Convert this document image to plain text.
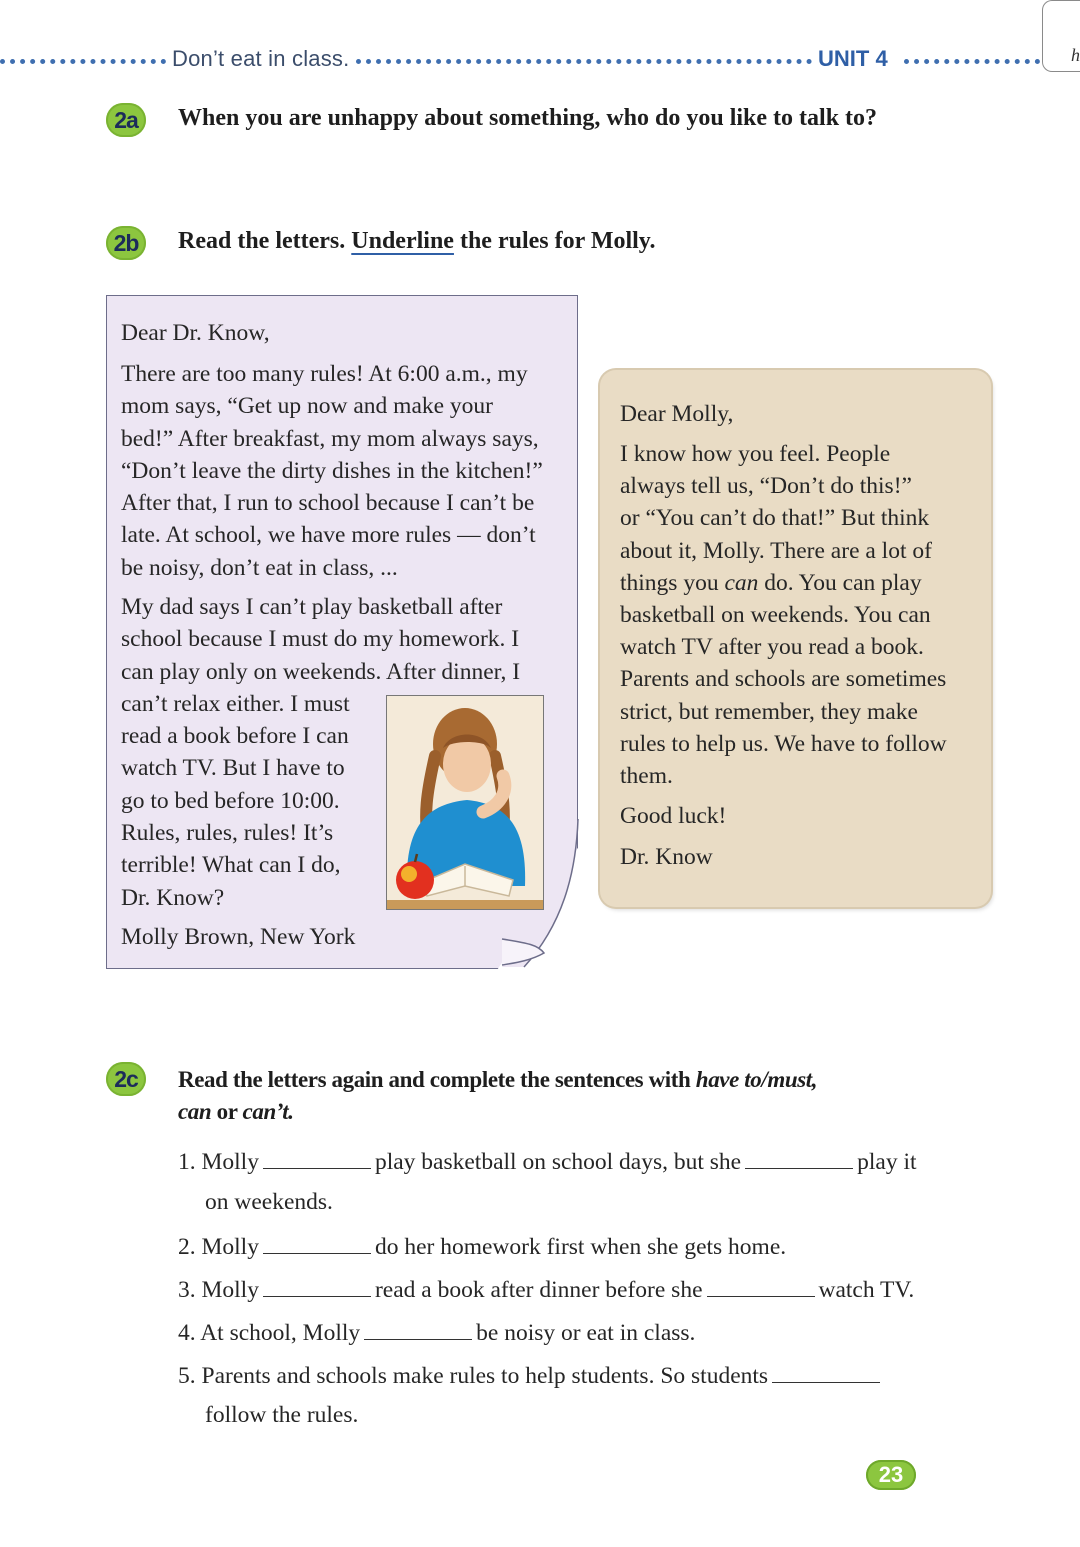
Don’t eat in class.	UNIT 4	h
2a	When you are unhappy about something, who do you like to talk to?
2b	Read the letters. Underline the rules for Molly.
Dear Dr. Know,

There are too many rules! At 6:00 a.m., my

mom says, “Get up now and make your

bed!” After breakfast, my mom always says,

“Don’t leave the dirty dishes in the kitchen!”

After that, I run to school because I can’t be

late. At school, we have more rules — don’t

be noisy, don’t eat in class, ...

My dad says I can’t play basketball after

school because I must do my homework. I

can play only on weekends. After dinner, I

can’t relax either. I must

read a book before I can

watch TV. But I have to

go to bed before 10:00.

Rules, rules, rules! It’s

terrible! What can I do,

Dr. Know?

Molly Brown, New York
Dear Molly,

I know how you feel. People

always tell us, “Don’t do this!”

or “You can’t do that!” But think

about it, Molly. There are a lot of

things you can do. You can play

basketball on weekends. You can

watch TV after you read a book.

Parents and schools are sometimes

strict, but remember, they make

rules to help us. We have to follow

them.

Good luck!
Dr. Know
2c	Read the letters again and complete the sentences with have to/must,
can or can’t.
1. Molly	play basketball on school days, but she	play it
on weekends.
2. Molly	do her homework first when she gets home.
3. Molly	read a book after dinner before she	watch TV.
4. At school, Molly	be noisy or eat in class.
5. Parents and schools make rules to help students. So students
follow the rules.
23
